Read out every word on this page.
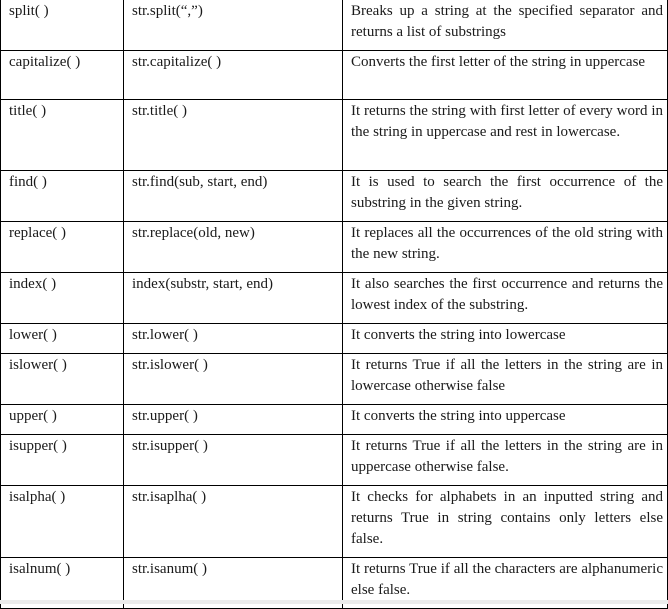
split( )	str.split(“,”)	Breaks up a string at the specified separator and returns a list of substrings
capitalize( )	str.capitalize( )	Converts the first letter of the string in uppercase
title( )	str.title( )	It returns the string with first letter of every word in the string in uppercase and rest in lowercase.
find( )	str.find(sub, start, end)	It is used to search the first occurrence of the substring in the given string.
replace( )	str.replace(old, new)	It replaces all the occurrences of the old string with the new string.
index( )	index(substr, start, end)	It also searches the first occurrence and returns the lowest index of the substring.
lower( )	str.lower( )	It converts the string into lowercase
islower( )	str.islower( )	It returns True if all the letters in the string are in lowercase otherwise false
upper( )	str.upper( )	It converts the string into uppercase
isupper( )	str.isupper( )	It returns True if all the letters in the string are in uppercase otherwise false.
isalpha( )	str.isaplha( )	It checks for alphabets in an inputted string and returns True in string contains only letters else false.
isalnum( )	str.isanum( )	It returns True if all the characters are alphanumeric else false.
